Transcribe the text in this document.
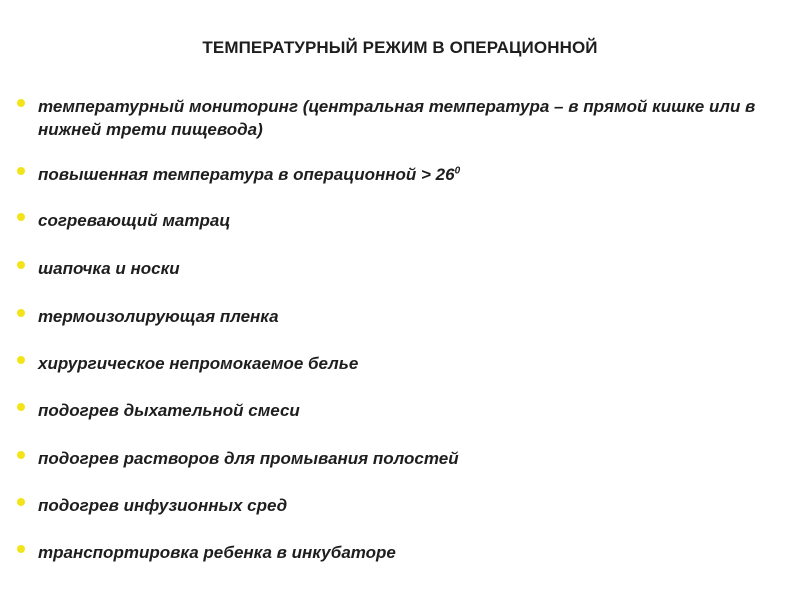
ТЕМПЕРАТУРНЫЙ РЕЖИМ В ОПЕРАЦИОННОЙ
температурный мониторинг (центральная температура – в прямой кишке или в нижней трети пищевода)
повышенная температура в операционной > $26^0$
согревающий матрац
шапочка и носки
термоизолирующая пленка
хирургическое непромокаемое белье
подогрев дыхательной смеси
подогрев растворов для промывания полостей
подогрев инфузионных сред
транспортировка ребенка в инкубаторе
